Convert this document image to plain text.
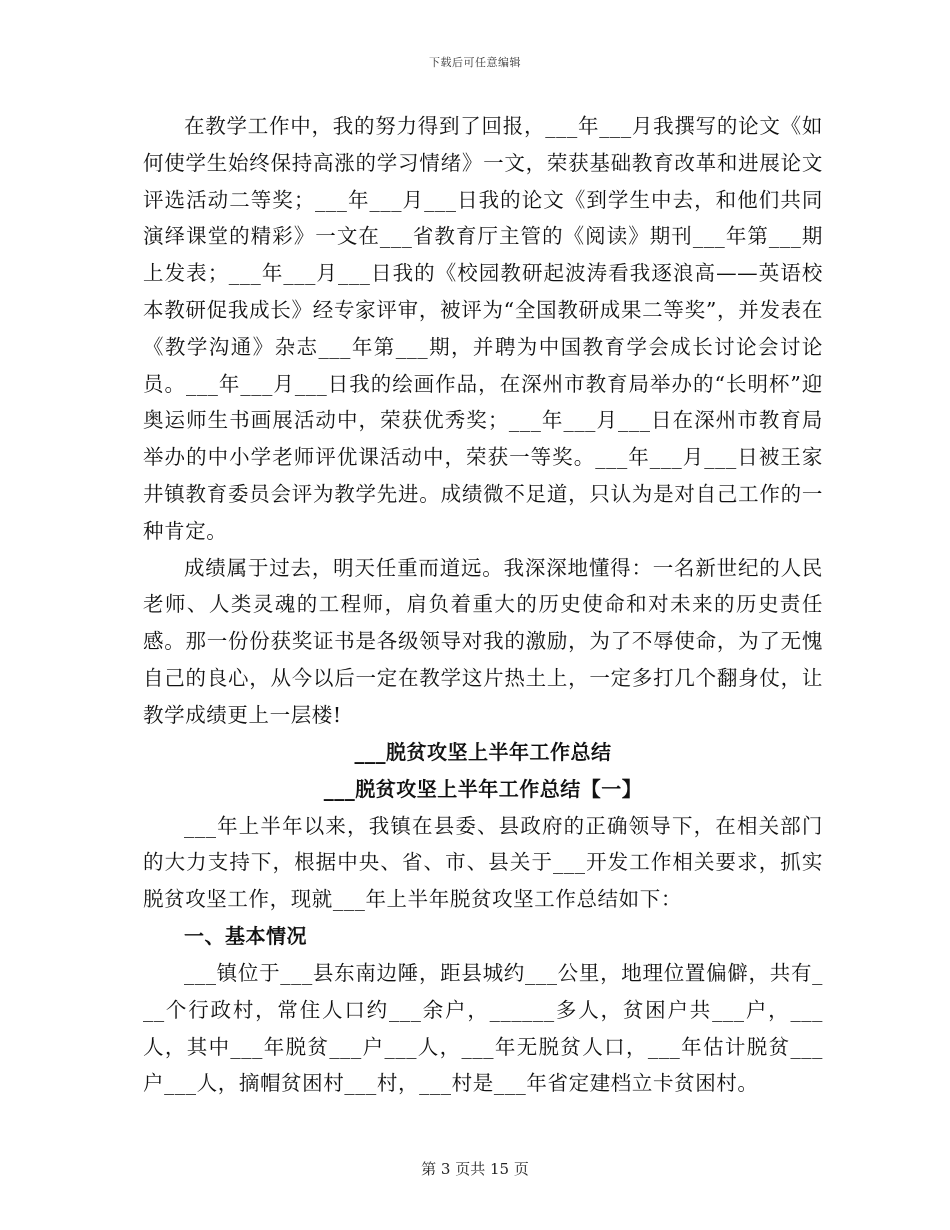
下载后可任意编辑

在教学工作中，我的努力得到了回报，___年___月我撰写的论文《如何使学生始终保持高涨的学习情绪》一文，荣获基础教育改革和进展论文评选活动二等奖；___年___月___日我的论文《到学生中去，和他们共同演绎课堂的精彩》一文在___省教育厅主管的《阅读》期刊___年第___期上发表；___年___月___日我的《校园教研起波涛看我逐浪高——英语校本教研促我成长》经专家评审，被评为“全国教研成果二等奖”，并发表在《教学沟通》杂志___年第___期，并聘为中国教育学会成长讨论会讨论员。___年___月___日我的绘画作品，在深州市教育局举办的“长明杯”迎奥运师生书画展活动中，荣获优秀奖；___年___月___日在深州市教育局举办的中小学老师评优课活动中，荣获一等奖。___年___月___日被王家井镇教育委员会评为教学先进。成绩微不足道，只认为是对自己工作的一种肯定。

成绩属于过去，明天任重而道远。我深深地懂得：一名新世纪的人民老师、人类灵魂的工程师，肩负着重大的历史使命和对未来的历史责任感。那一份份获奖证书是各级领导对我的激励，为了不辱使命，为了无愧自己的良心，从今以后一定在教学这片热土上，一定多打几个翻身仗，让教学成绩更上一层楼!

___脱贫攻坚上半年工作总结

___脱贫攻坚上半年工作总结【一】

___年上半年以来，我镇在县委、县政府的正确领导下，在相关部门的大力支持下，根据中央、省、市、县关于___开发工作相关要求，抓实脱贫攻坚工作，现就___年上半年脱贫攻坚工作总结如下：

一、基本情况

___镇位于___县东南边陲，距县城约___公里，地理位置偏僻，共有___个行政村，常住人口约___余户，______多人，贫困户共___户，___人，其中___年脱贫___户___人，___年无脱贫人口，___年估计脱贫___户___人，摘帽贫困村___村，___村是___年省定建档立卡贫困村。

第 3 页共 15 页
